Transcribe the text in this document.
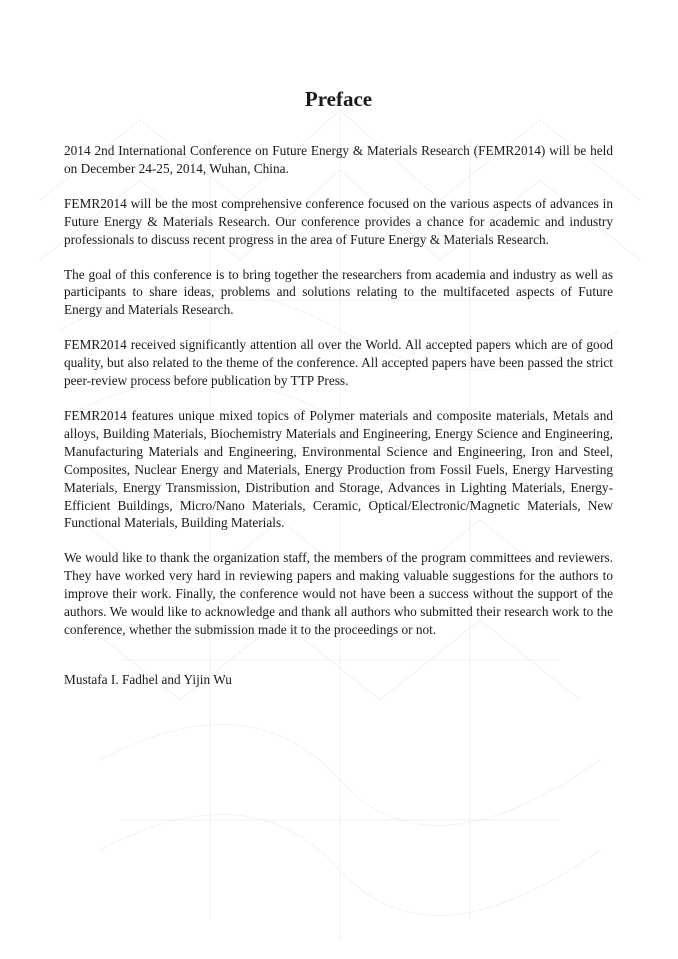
Preface

2014 2nd International Conference on Future Energy & Materials Research (FEMR2014) will be held on December 24-25, 2014, Wuhan, China.

FEMR2014 will be the most comprehensive conference focused on the various aspects of advances in Future Energy & Materials Research. Our conference provides a chance for academic and industry professionals to discuss recent progress in the area of Future Energy & Materials Research.

The goal of this conference is to bring together the researchers from academia and industry as well as participants to share ideas, problems and solutions relating to the multifaceted aspects of Future Energy and Materials Research.

FEMR2014 received significantly attention all over the World. All accepted papers which are of good quality, but also related to the theme of the conference. All accepted papers have been passed the strict peer-review process before publication by TTP Press.

FEMR2014 features unique mixed topics of Polymer materials and composite materials, Metals and alloys, Building Materials, Biochemistry Materials and Engineering, Energy Science and Engineering, Manufacturing Materials and Engineering, Environmental Science and Engineering, Iron and Steel, Composites, Nuclear Energy and Materials, Energy Production from Fossil Fuels, Energy Harvesting Materials, Energy Transmission, Distribution and Storage, Advances in Lighting Materials, Energy-Efficient Buildings, Micro/Nano Materials, Ceramic, Optical/Electronic/Magnetic Materials, New Functional Materials, Building Materials.

We would like to thank the organization staff, the members of the program committees and reviewers. They have worked very hard in reviewing papers and making valuable suggestions for the authors to improve their work. Finally, the conference would not have been a success without the support of the authors. We would like to acknowledge and thank all authors who submitted their research work to the conference, whether the submission made it to the proceedings or not.

Mustafa I. Fadhel and Yijin Wu
